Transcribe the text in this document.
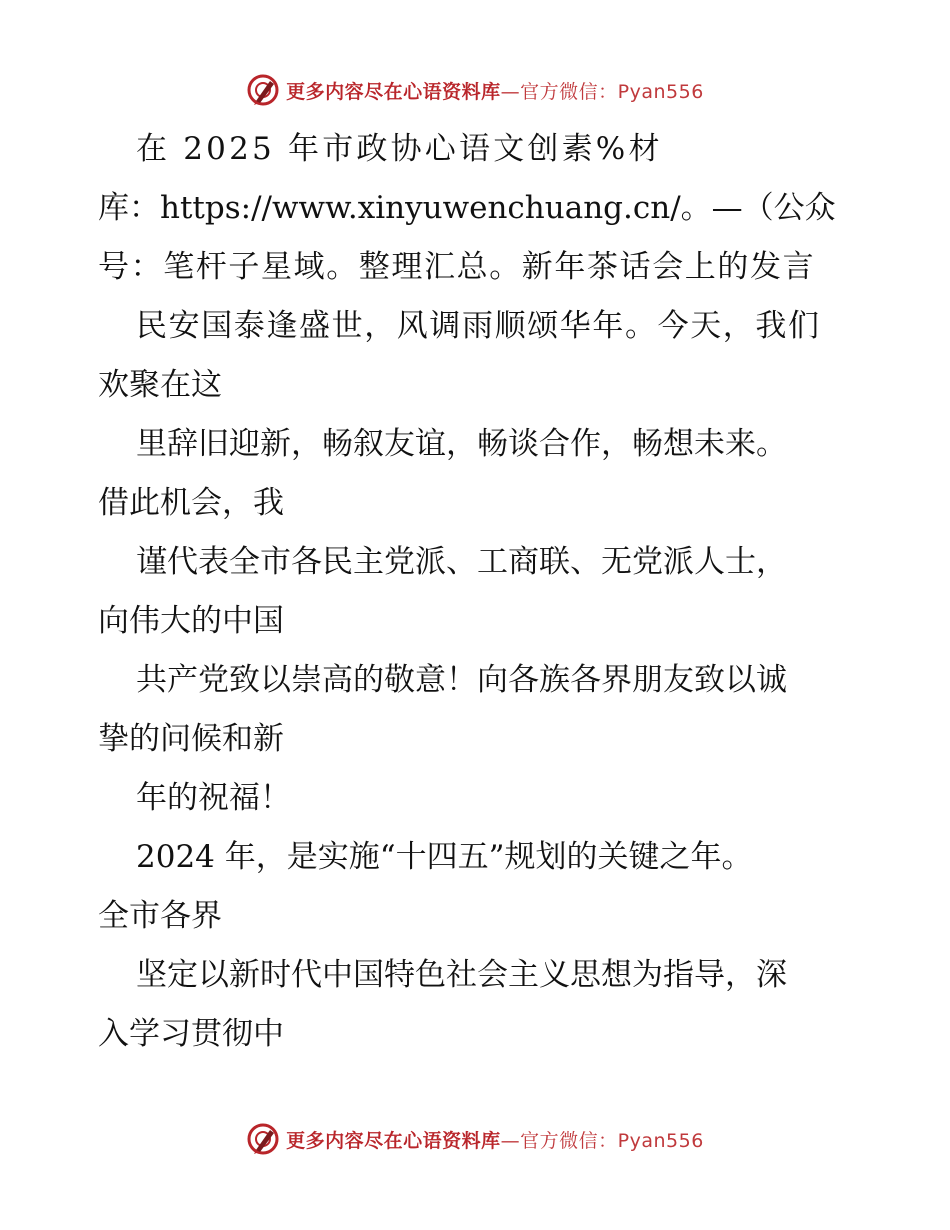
更多内容尽在心语资料库—官方微信：Pyan556
在 2025 年市政协心语文创素%材
库：https://www.xinyuwenchuang.cn/。—（公众
号：笔杆子星域。整理汇总。新年茶话会上的发言
民安国泰逢盛世，风调雨顺颂华年。今天，我们
欢聚在这
里辞旧迎新，畅叙友谊，畅谈合作，畅想未来。
借此机会，我
谨代表全市各民主党派、工商联、无党派人士，
向伟大的中国
共产党致以崇高的敬意！向各族各界朋友致以诚
挚的问候和新
年的祝福！
2024 年，是实施“十四五”规划的关键之年。
全市各界
坚定以新时代中国特色社会主义思想为指导，深
入学习贯彻中
更多内容尽在心语资料库—官方微信：Pyan556
